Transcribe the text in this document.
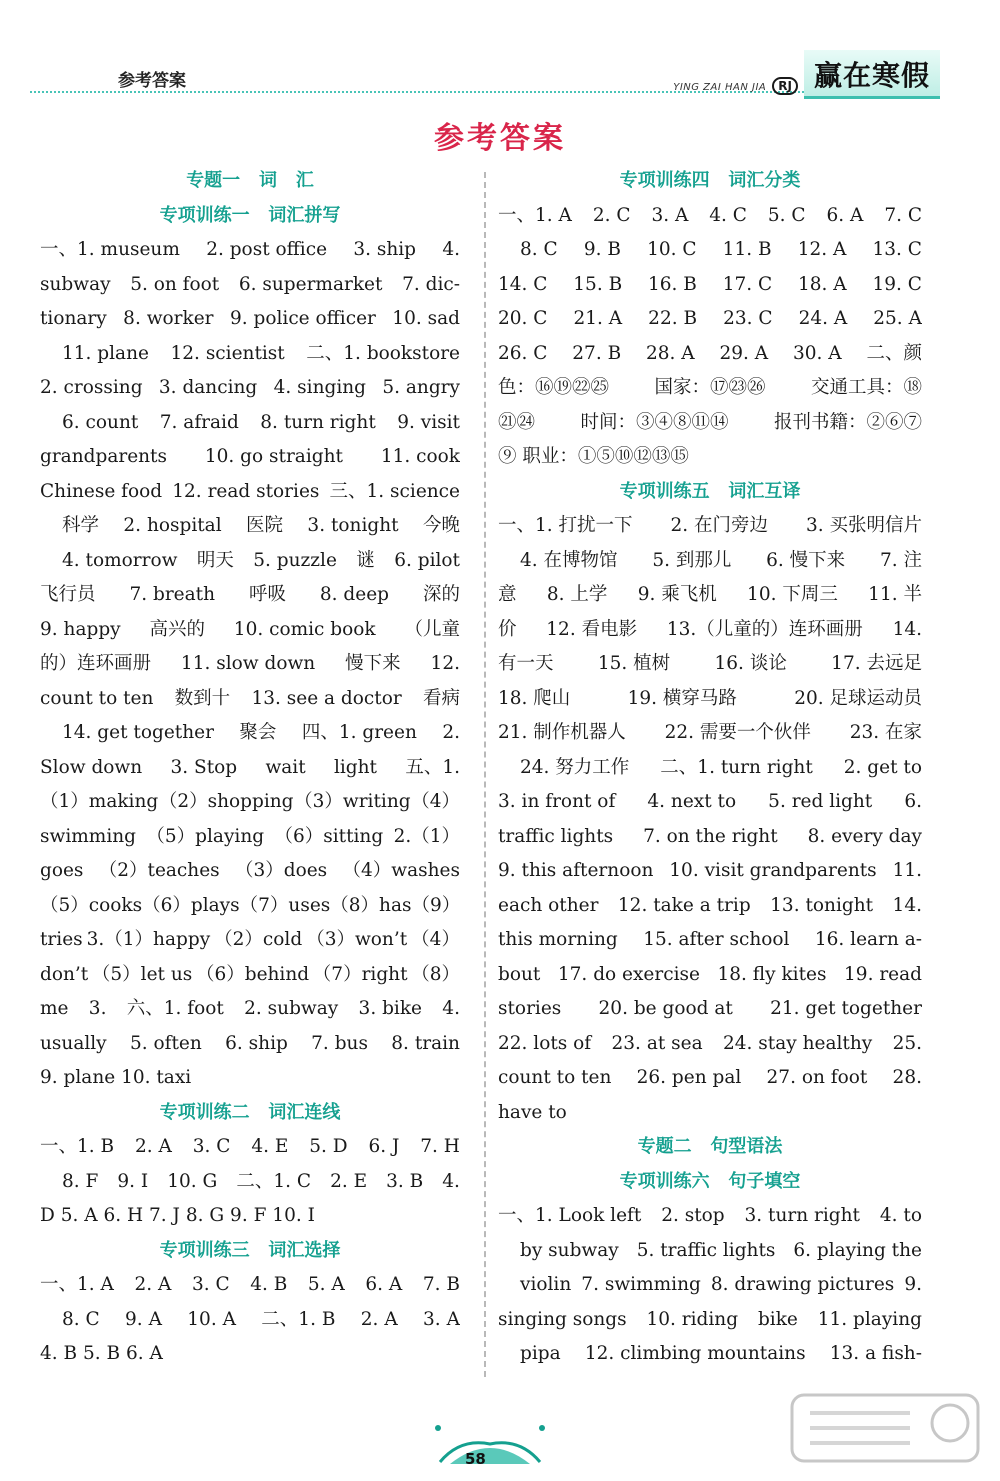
参考答案	YING ZAI HAN JIA	RJ 赢在寒假
参考答案
专题一   词   汇
专项训练一   词汇拼写
一、1. museum 2. post office 3. ship 4.
subway 5. on foot 6. supermarket 7. dic-
tionary 8. worker 9. police officer 10. sad
11. plane 12. scientist 二、1. bookstore
2. crossing 3. dancing 4. singing 5. angry
6. count 7. afraid 8. turn right 9. visit
grandparents 10. go straight 11. cook
Chinese food 12. read stories 三、1. science
科学 2. hospital 医院 3. tonight 今晚
4. tomorrow 明天 5. puzzle 谜 6. pilot
飞行员 7. breath 呼吸 8. deep 深的
9. happy 高兴的 10. comic book （儿童
的）连环画册 11. slow down 慢下来 12.
count to ten 数到十 13. see a doctor 看病
14. get together 聚会 四、1. green 2.
Slow down 3. Stop wait light 五、1.
（1）making （2）shopping （3）writing （4）
swimming （5）playing （6）sitting 2.（1）
goes （2）teaches （3）does （4）washes
（5）cooks （6）plays （7）uses （8）has （9）
tries 3.（1）happy （2）cold （3）won’t （4）
don’t （5）let us （6）behind （7）right （8）
me 3. 六、1. foot 2. subway 3. bike 4.
usually 5. often 6. ship 7. bus 8. train
9. plane 10. taxi
专项训练二   词汇连线
一、1. B 2. A 3. C 4. E 5. D 6. J 7. H
8. F 9. I 10. G 二、1. C 2. E 3. B 4.
D 5. A 6. H 7. J 8. G 9. F 10. I
专项训练三   词汇选择
一、1. A 2. A 3. C 4. B 5. A 6. A 7. B
8. C 9. A 10. A 二、1. B 2. A 3. A
4. B 5. B 6. A
专项训练四   词汇分类
一、1. A 2. C 3. A 4. C 5. C 6. A 7. C
8. C 9. B 10. C 11. B 12. A 13. C
14. C 15. B 16. B 17. C 18. A 19. C
20. C 21. A 22. B 23. C 24. A 25. A
26. C 27. B 28. A 29. A 30. A 二、颜
色：⑯⑲㉒㉕ 国家：⑰㉓㉖ 交通工具：⑱
㉑㉔ 时间：③④⑧⑪⑭ 报刊书籍：②⑥⑦
⑨ 职业：①⑤⑩⑫⑬⑮
专项训练五   词汇互译
一、1. 打扰一下 2. 在门旁边 3. 买张明信片
4. 在博物馆 5. 到那儿 6. 慢下来 7. 注
意 8. 上学 9. 乘飞机 10. 下周三 11. 半
价 12. 看电影 13.（儿童的）连环画册 14.
有一天 15. 植树 16. 谈论 17. 去远足
18. 爬山	19. 横穿马路	20. 足球运动员
21. 制作机器人 22. 需要一个伙伴 23. 在家
24. 努力工作 二、1. turn right 2. get to
3. in front of 4. next to 5. red light 6.
traffic lights 7. on the right 8. every day
9. this afternoon 10. visit grandparents 11.
each other 12. take a trip 13. tonight 14.
this morning 15. after school 16. learn a-
bout 17. do exercise 18. fly kites 19. read
stories 20. be good at 21. get together
22. lots of 23. at sea 24. stay healthy 25.
count to ten 26. pen pal 27. on foot 28.
have to
专题二   句型语法
专项训练六   句子填空
一、1. Look left 2. stop 3. turn right 4. to
by subway 5. traffic lights 6. playing the
violin 7. swimming 8. drawing pictures 9.
singing songs 10. riding bike 11. playing
pipa 12. climbing mountains 13. a fish-
58
